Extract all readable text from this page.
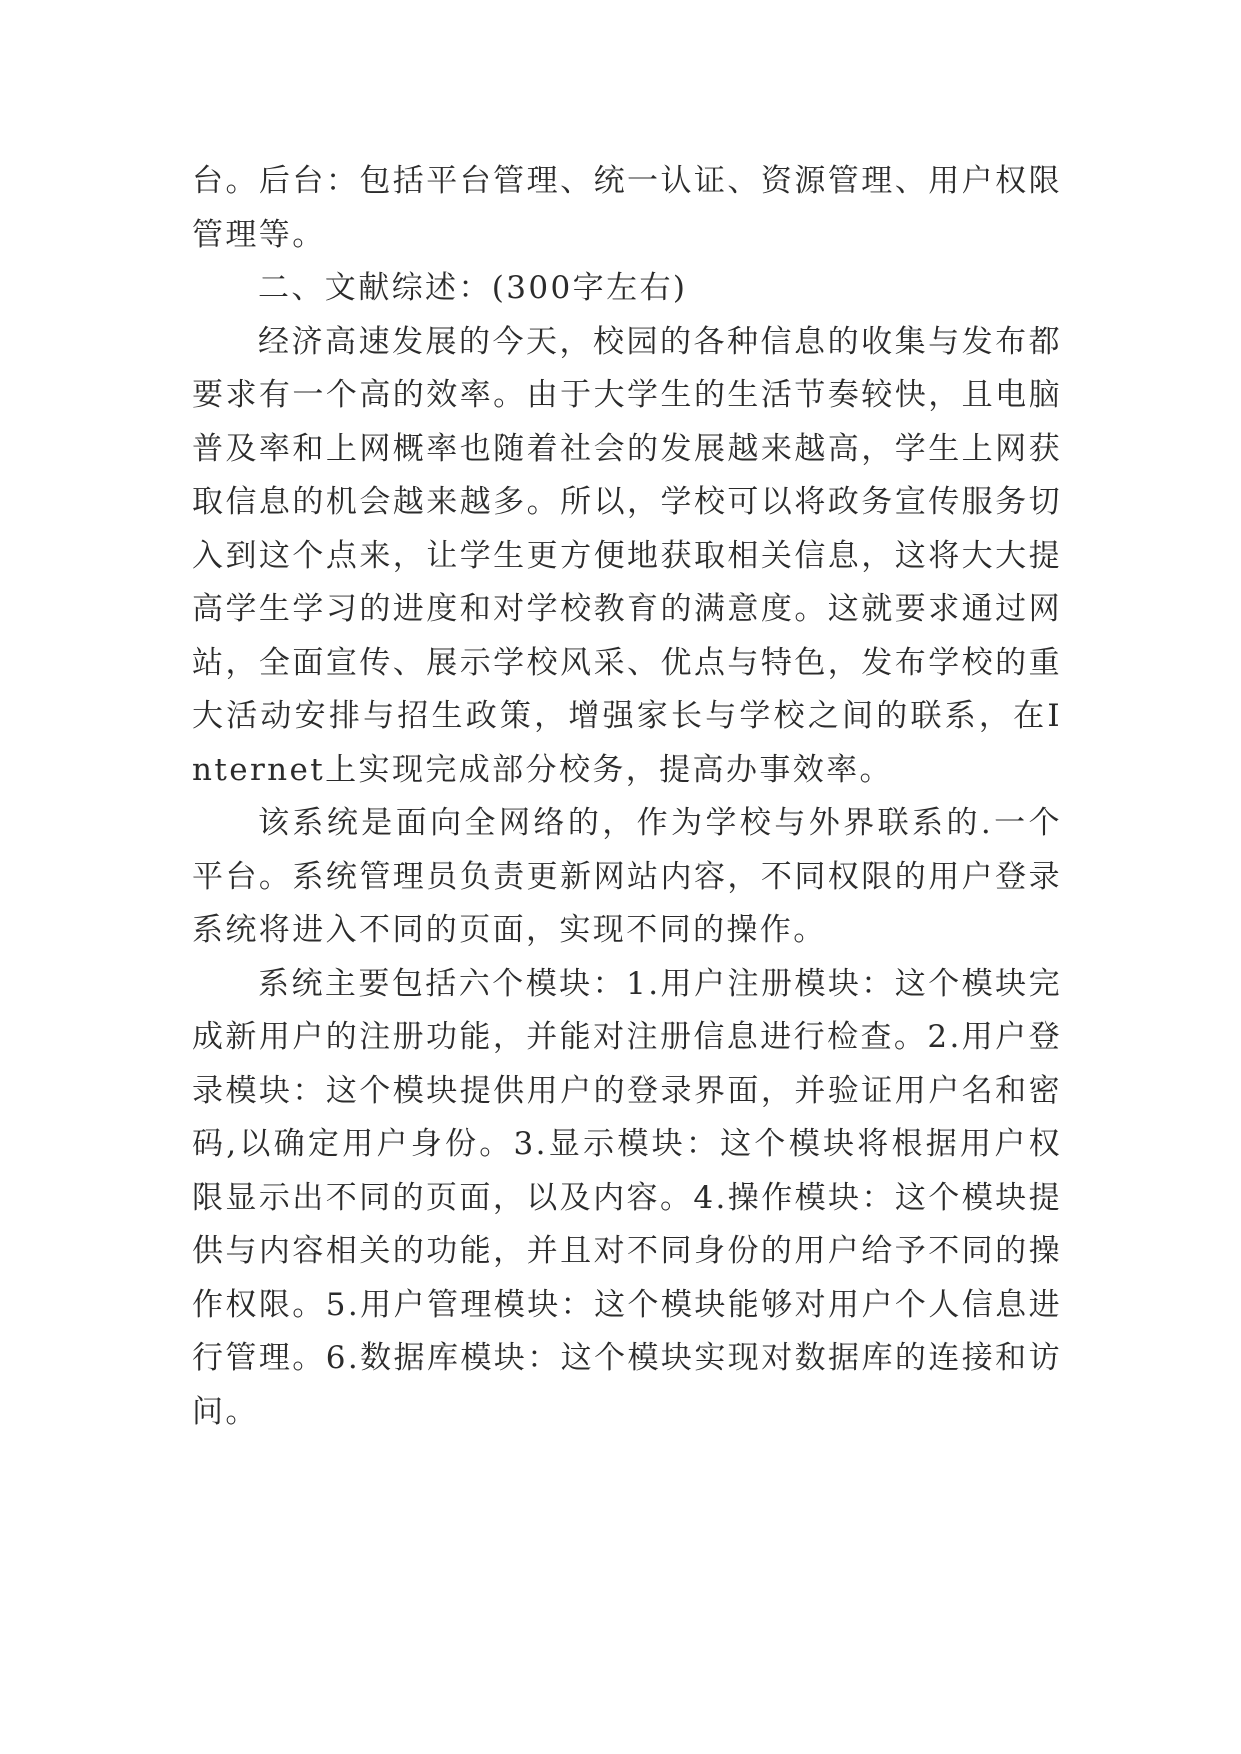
台。后台：包括平台管理、统一认证、资源管理、用户权限管理等。

二、文献综述：(300字左右)

经济高速发展的今天，校园的各种信息的收集与发布都要求有一个高的效率。由于大学生的生活节奏较快，且电脑普及率和上网概率也随着社会的发展越来越高，学生上网获取信息的机会越来越多。所以，学校可以将政务宣传服务切入到这个点来，让学生更方便地获取相关信息，这将大大提高学生学习的进度和对学校教育的满意度。这就要求通过网站，全面宣传、展示学校风采、优点与特色，发布学校的重大活动安排与招生政策，增强家长与学校之间的联系，在Internet上实现完成部分校务，提高办事效率。

该系统是面向全网络的，作为学校与外界联系的.一个平台。系统管理员负责更新网站内容，不同权限的用户登录系统将进入不同的页面，实现不同的操作。

系统主要包括六个模块：1.用户注册模块：这个模块完成新用户的注册功能，并能对注册信息进行检查。2.用户登录模块：这个模块提供用户的登录界面，并验证用户名和密码,以确定用户身份。3.显示模块：这个模块将根据用户权限显示出不同的页面，以及内容。4.操作模块：这个模块提供与内容相关的功能，并且对不同身份的用户给予不同的操作权限。5.用户管理模块：这个模块能够对用户个人信息进行管理。6.数据库模块：这个模块实现对数据库的连接和访问。
